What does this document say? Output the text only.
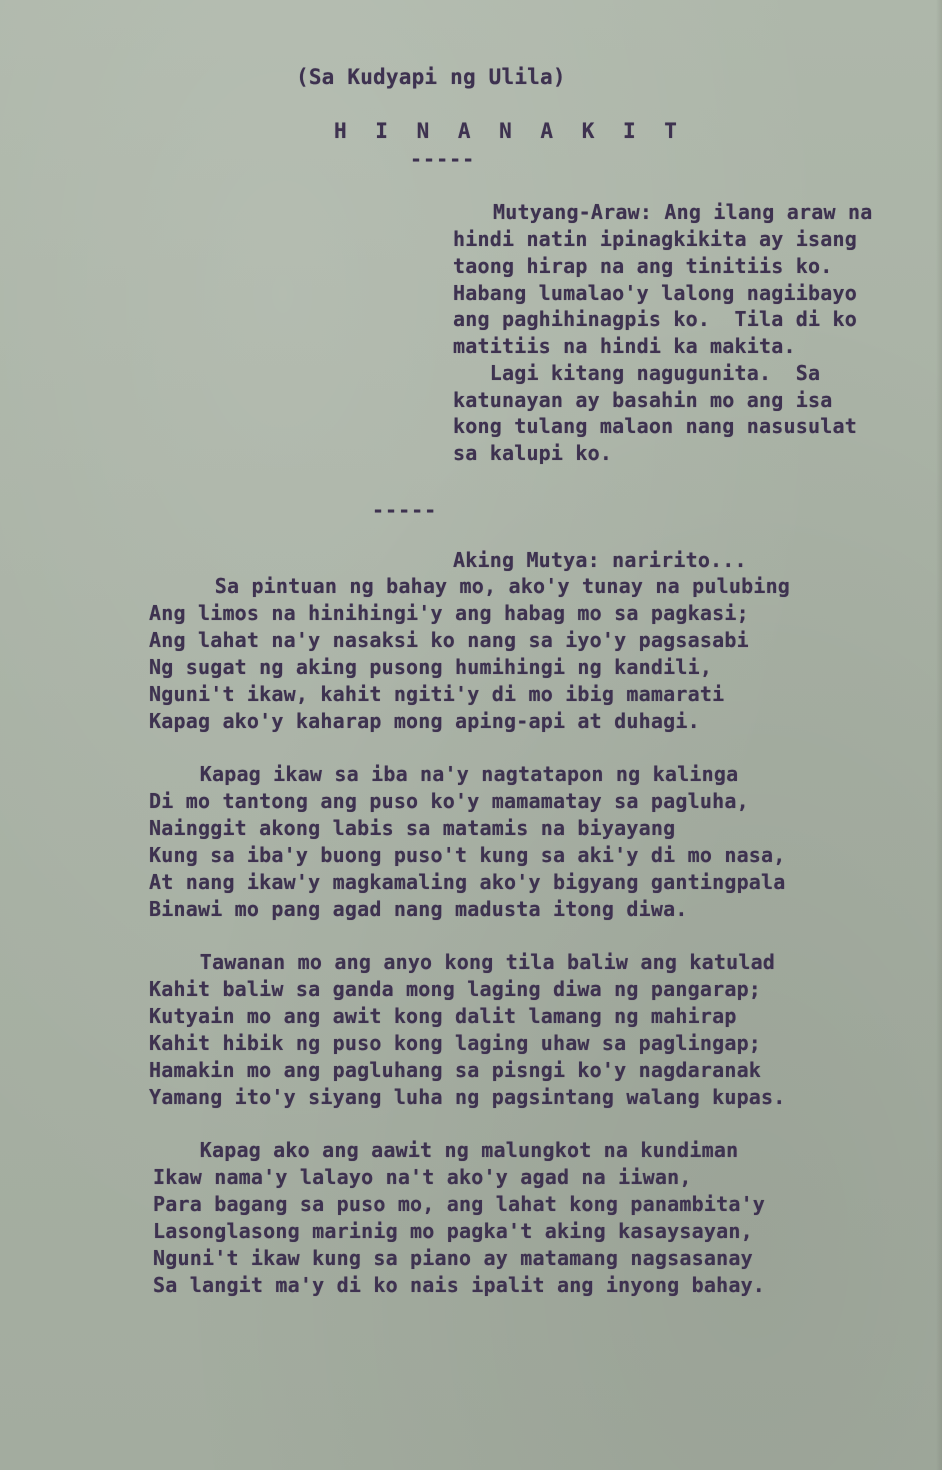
(Sa Kudyapi ng Ulila)
H I N A N A K I T
-----
Mutyang-Araw: Ang ilang araw na
hindi natin ipinagkikita ay isang
taong hirap na ang tinitiis ko.
Habang lumalao'y lalong nagiibayo
ang paghihinagpis ko.  Tila di ko
matitiis na hindi ka makita.
Lagi kitang nagugunita.  Sa
katunayan ay basahin mo ang isa
kong tulang malaon nang nasusulat
sa kalupi ko.
-----
Aking Mutya: naririto...
Sa pintuan ng bahay mo, ako'y tunay na pulubing
Ang limos na hinihingi'y ang habag mo sa pagkasi;
Ang lahat na'y nasaksi ko nang sa iyo'y pagsasabi
Ng sugat ng aking pusong humihingi ng kandili,
Nguni't ikaw, kahit ngiti'y di mo ibig mamarati
Kapag ako'y kaharap mong aping-api at duhagi.
Kapag ikaw sa iba na'y nagtatapon ng kalinga
Di mo tantong ang puso ko'y mamamatay sa pagluha,
Nainggit akong labis sa matamis na biyayang
Kung sa iba'y buong puso't kung sa aki'y di mo nasa,
At nang ikaw'y magkamaling ako'y bigyang gantingpala
Binawi mo pang agad nang madusta itong diwa.
Tawanan mo ang anyo kong tila baliw ang katulad
Kahit baliw sa ganda mong laging diwa ng pangarap;
Kutyain mo ang awit kong dalit lamang ng mahirap
Kahit hibik ng puso kong laging uhaw sa paglingap;
Hamakin mo ang pagluhang sa pisngi ko'y nagdaranak
Yamang ito'y siyang luha ng pagsintang walang kupas.
Kapag ako ang aawit ng malungkot na kundiman
Ikaw nama'y lalayo na't ako'y agad na iiwan,
Para bagang sa puso mo, ang lahat kong panambita'y
Lasonglasong marinig mo pagka't aking kasaysayan,
Nguni't ikaw kung sa piano ay matamang nagsasanay
Sa langit ma'y di ko nais ipalit ang inyong bahay.
